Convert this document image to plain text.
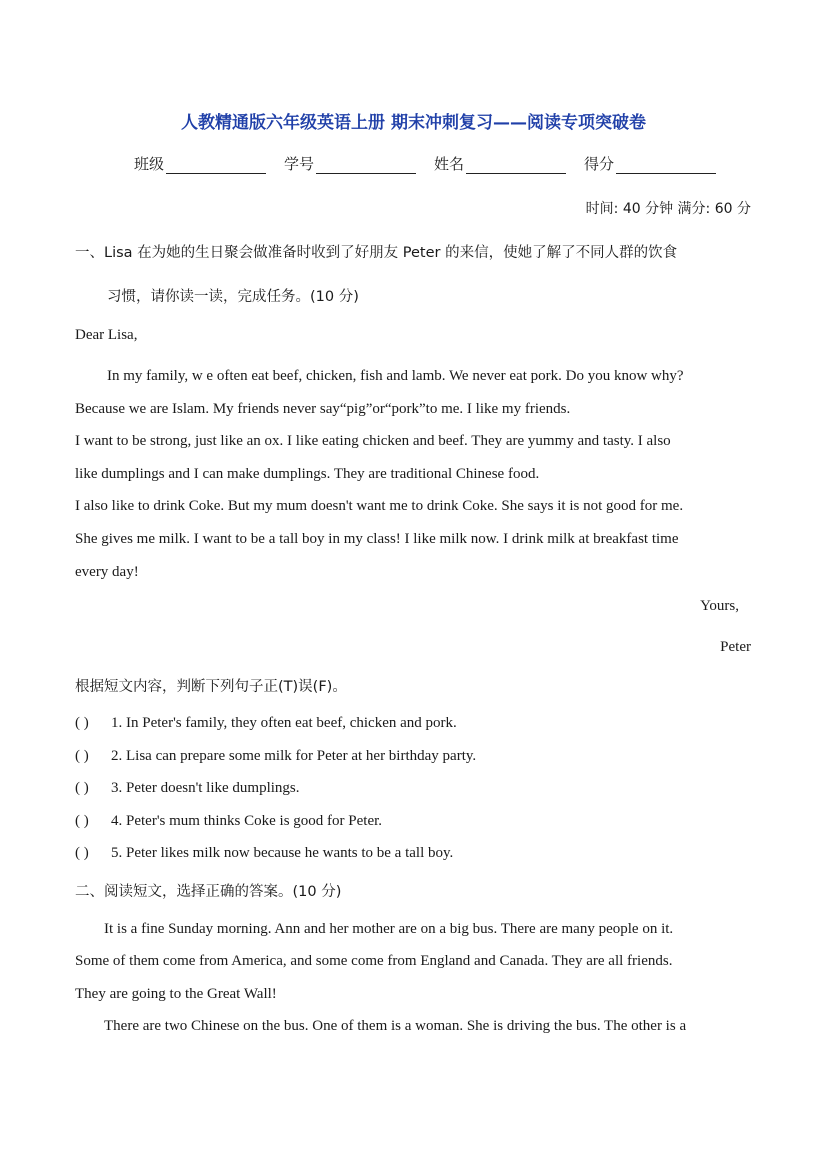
人教精通版六年级英语上册 期末冲刺复习——阅读专项突破卷
班级	学号	姓名	得分
时间: 40 分钟 满分: 60 分
一、Lisa 在为她的生日聚会做准备时收到了好朋友 Peter 的来信，使她了解了不同人群的饮食
习惯，请你读一读，完成任务。(10 分)
Dear Lisa,
In my family, w e often eat beef, chicken, fish and lamb. We never eat pork. Do you know why?
Because we are Islam. My friends never say“pig”or“pork”to me. I like my friends.
I want to be strong, just like an ox. I like eating chicken and beef. They are yummy and tasty. I also
like dumplings and I can make dumplings. They are traditional Chinese food.
I also like to drink Coke. But my mum doesn't want me to drink Coke. She says it is not good for me.
She gives me milk. I want to be a tall boy in my class! I like milk now. I drink milk at breakfast time
every day!
Yours,
Peter
根据短文内容，判断下列句子正(T)误(F)。
( ) 1. In Peter's family, they often eat beef, chicken and pork.
( ) 2. Lisa can prepare some milk for Peter at her birthday party.
( ) 3. Peter doesn't like dumplings.
( ) 4. Peter's mum thinks Coke is good for Peter.
( ) 5. Peter likes milk now because he wants to be a tall boy.
二、阅读短文，选择正确的答案。(10 分)
It is a fine Sunday morning. Ann and her mother are on a big bus. There are many people on it.
Some of them come from America, and some come from England and Canada. They are all friends.
They are going to the Great Wall!
There are two Chinese on the bus. One of them is a woman. She is driving the bus. The other is a
